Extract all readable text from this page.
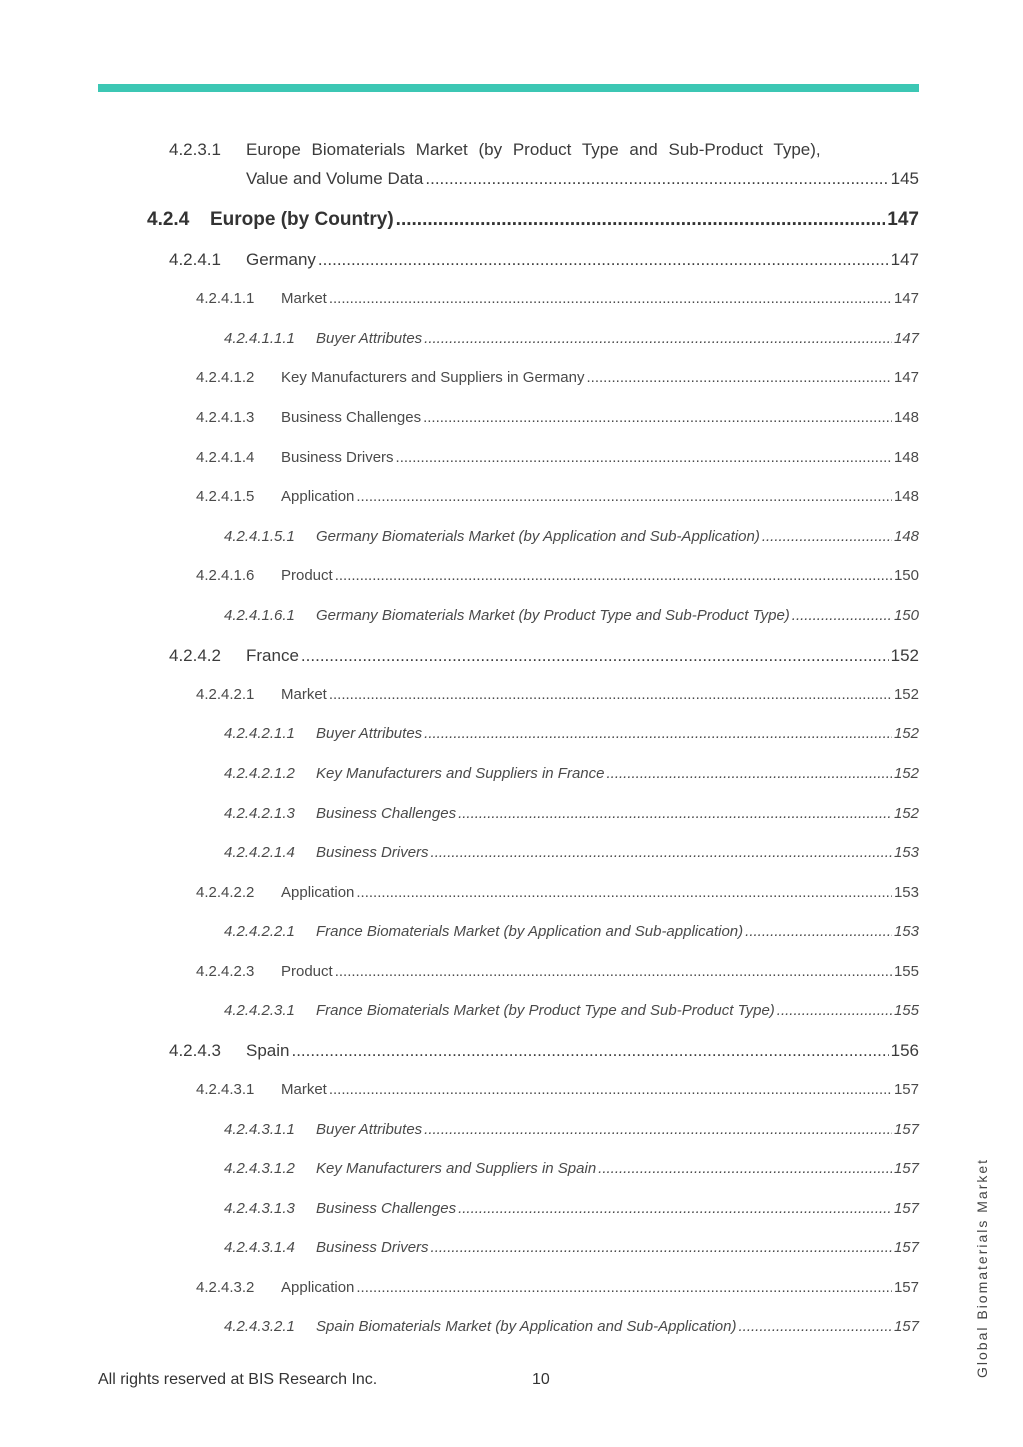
4.2.3.1	Europe Biomaterials Market (by Product Type and Sub-Product Type),
Value and Volume Data .....	145
4.2.4	Europe (by Country) .....	147
4.2.4.1	Germany .....	147
4.2.4.1.1	Market .....	147
4.2.4.1.1.1	Buyer Attributes .....	147
4.2.4.1.2	Key Manufacturers and Suppliers in Germany .....	147
4.2.4.1.3	Business Challenges .....	148
4.2.4.1.4	Business Drivers .....	148
4.2.4.1.5	Application .....	148
4.2.4.1.5.1	Germany Biomaterials Market (by Application and Sub-Application) .....	148
4.2.4.1.6	Product .....	150
4.2.4.1.6.1	Germany Biomaterials Market (by Product Type and Sub-Product Type) .....	150
4.2.4.2	France .....	152
4.2.4.2.1	Market .....	152
4.2.4.2.1.1	Buyer Attributes .....	152
4.2.4.2.1.2	Key Manufacturers and Suppliers in France .....	152
4.2.4.2.1.3	Business Challenges .....	152
4.2.4.2.1.4	Business Drivers .....	153
4.2.4.2.2	Application .....	153
4.2.4.2.2.1	France Biomaterials Market (by Application and Sub-application) .....	153
4.2.4.2.3	Product .....	155
4.2.4.2.3.1	France Biomaterials Market (by Product Type and Sub-Product Type) .....	155
4.2.4.3	Spain .....	156
4.2.4.3.1	Market .....	157
4.2.4.3.1.1	Buyer Attributes .....	157
4.2.4.3.1.2	Key Manufacturers and Suppliers in Spain .....	157
4.2.4.3.1.3	Business Challenges .....	157
4.2.4.3.1.4	Business Drivers .....	157
4.2.4.3.2	Application .....	157
4.2.4.3.2.1	Spain Biomaterials Market (by Application and Sub-Application) .....	157	Global Biomaterials Market
All rights reserved at BIS Research Inc.	10
